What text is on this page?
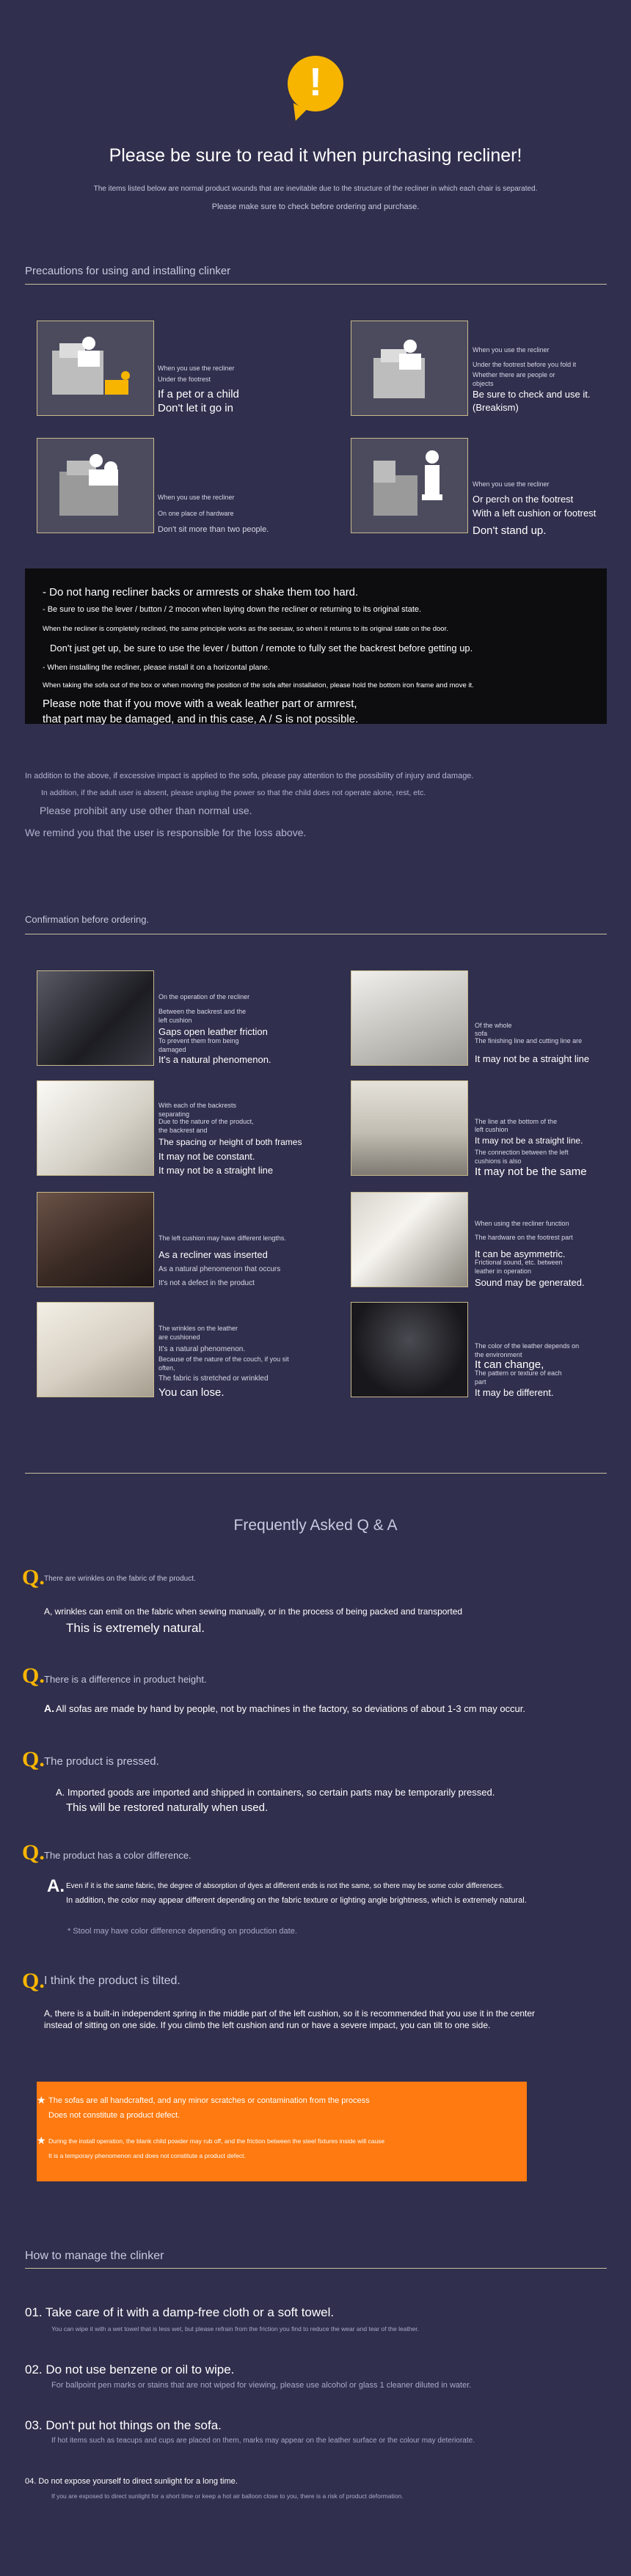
!
Please be sure to read it when purchasing recliner!
The items listed below are normal product wounds that are inevitable due to the structure of the recliner in which each chair is separated.
Please make sure to check before ordering and purchase.
Precautions for using and installing clinker
When you use the recliner
Under the footrest
If a pet or a child
Don't let it go in
When you use the recliner
Under the footrest before you fold it
Whether there are people or objects
Be sure to check and use it.
(Breakism)
When you use the recliner
On one place of hardware
Don't sit more than two people.
When you use the recliner
Or perch on the footrest
With a left cushion or footrest
Don't stand up.
- Do not hang recliner backs or armrests or shake them too hard.
- Be sure to use the lever / button / 2 mocon when laying down the recliner or returning to its original state.
When the recliner is completely reclined, the same principle works as the seesaw, so when it returns to its original state on the door.
Don't just get up, be sure to use the lever / button / remote to fully set the backrest before getting up.
- When installing the recliner, please install it on a horizontal plane.
When taking the sofa out of the box or when moving the position of the sofa after installation, please hold the bottom iron frame and move it.
Please note that if you move with a weak leather part or armrest,
that part may be damaged, and in this case, A / S is not possible.
In addition to the above, if excessive impact is applied to the sofa, please pay attention to the possibility of injury and damage.
In addition, if the adult user is absent, please unplug the power so that the child does not operate alone, rest, etc.
Please prohibit any use other than normal use.
We remind you that the user is responsible for the loss above.
Confirmation before ordering.
On the operation of the recliner
Between the backrest and the left cushion
Gaps open leather friction
To prevent them from being damaged
It's a natural phenomenon.
Of the whole
sofa
The finishing line and cutting line are
It may not be a straight line
With each of the backrests separating
Due to the nature of the product, the backrest and
The spacing or height of both frames
It may not be constant.
It may not be a straight line
The line at the bottom of the
left cushion
It may not be a straight line.
The connection between the left cushions is also
It may not be the same
The left cushion may have different lengths.
As a recliner was inserted
As a natural phenomenon that occurs
It's not a defect in the product
When using the recliner function
The hardware on the footrest part
It can be asymmetric.
Frictional sound, etc. between leather in operation
Sound may be generated.
The wrinkles on the leather are cushioned
It's a natural phenomenon.
Because of the nature of the couch, if you sit often,
The fabric is stretched or wrinkled
You can lose.
The color of the leather depends on the environment
It can change,
The pattern or texture of each part
It may be different.
Frequently Asked Q & A
Q. There are wrinkles on the fabric of the product.
A, wrinkles can emit on the fabric when sewing manually, or in the process of being packed and transported
This is extremely natural.
Q. There is a difference in product height.
A. All sofas are made by hand by people, not by machines in the factory, so deviations of about 1-3 cm may occur.
Q. The product is pressed.
A. Imported goods are imported and shipped in containers, so certain parts may be temporarily pressed.
This will be restored naturally when used.
Q. The product has a color difference.
A. Even if it is the same fabric, the degree of absorption of dyes at different ends is not the same, so there may be some color differences.
In addition, the color may appear different depending on the fabric texture or lighting angle brightness, which is extremely natural.
* Stool may have color difference depending on production date.
Q. I think the product is tilted.
A, there is a built-in independent spring in the middle part of the left cushion, so it is recommended that you use it in the center
instead of sitting on one side. If you climb the left cushion and run or have a severe impact, you can tilt to one side.
★ The sofas are all handcrafted, and any minor scratches or contamination from the process
Does not constitute a product defect.
★ During the install operation, the blank child powder may rub off, and the friction between the steel fixtures inside will cause
It is a temporary phenomenon and does not constitute a product defect.
How to manage the clinker
01. Take care of it with a damp-free cloth or a soft towel.
You can wipe it with a wet towel that is less wet, but please refrain from the friction you find to reduce the wear and tear of the leather.
02. Do not use benzene or oil to wipe.
For ballpoint pen marks or stains that are not wiped for viewing, please use alcohol or glass 1 cleaner diluted in water.
03. Don't put hot things on the sofa.
If hot items such as teacups and cups are placed on them, marks may appear on the leather surface or the colour may deteriorate.
04. Do not expose yourself to direct sunlight for a long time.
If you are exposed to direct sunlight for a short time or keep a hot air balloon close to you, there is a risk of product deformation.
